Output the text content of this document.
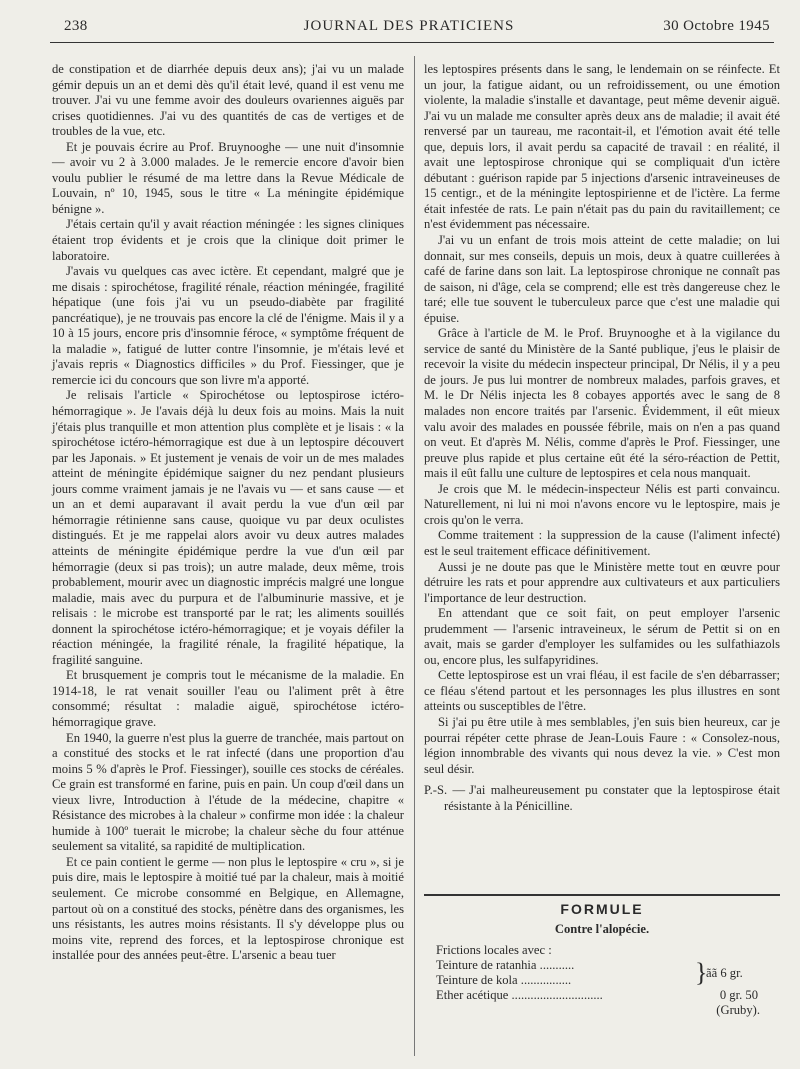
238	JOURNAL DES PRATICIENS	30 Octobre 1945

de constipation et de diarrhée depuis deux ans); j'ai vu un malade gémir depuis un an et demi dès qu'il était levé, quand il est venu me trouver. J'ai vu une femme avoir des douleurs ovariennes aiguës par crises quotidiennes. J'ai vu des quantités de cas de vertiges et de troubles de la vue, etc.

Et je pouvais écrire au Prof. Bruynooghe — une nuit d'insomnie — avoir vu 2 à 3.000 malades. Je le remercie encore d'avoir bien voulu publier le résumé de ma lettre dans la Revue Médicale de Louvain, nº 10, 1945, sous le titre « La méningite épidémique bénigne ».

J'étais certain qu'il y avait réaction méningée : les signes cliniques étaient trop évidents et je crois que la clinique doit primer le laboratoire.

J'avais vu quelques cas avec ictère. Et cependant, malgré que je me disais : spirochétose, fragilité rénale, réaction méningée, fragilité hépatique (une fois j'ai vu un pseudo-diabète par fragilité pancréatique), je ne trouvais pas encore la clé de l'énigme. Mais il y a 10 à 15 jours, encore pris d'insomnie féroce, « symptôme fréquent de la maladie », fatigué de lutter contre l'insomnie, je m'étais levé et j'avais repris « Diagnostics difficiles » du Prof. Fiessinger, que je remercie ici du concours que son livre m'a apporté.

Je relisais l'article « Spirochétose ou leptospirose ictéro-hémorragique ». Je l'avais déjà lu deux fois au moins. Mais la nuit j'étais plus tranquille et mon attention plus complète et je lisais : « la spirochétose ictéro-hémorragique est due à un leptospire découvert par les Japonais. » Et justement je venais de voir un de mes malades atteint de méningite épidémique saigner du nez pendant plusieurs jours comme vraiment jamais je ne l'avais vu — et sans cause — et un an et demi auparavant il avait perdu la vue d'un œil par hémorragie rétinienne sans cause, quoique vu par deux oculistes distingués. Et je me rappelai alors avoir vu deux autres malades atteints de méningite épidémique perdre la vue d'un œil par hémorragie (deux si pas trois); un autre malade, deux même, trois probablement, mourir avec un diagnostic imprécis malgré une longue maladie, mais avec du purpura et de l'albuminurie massive, et je relisais : le microbe est transporté par le rat; les aliments souillés donnent la spirochétose ictéro-hémorragique; et je voyais défiler la réaction méningée, la fragilité rénale, la fragilité hépatique, la fragilité sanguine.

Et brusquement je compris tout le mécanisme de la maladie. En 1914-18, le rat venait souiller l'eau ou l'aliment prêt à être consommé; résultat : maladie aiguë, spirochétose ictéro-hémorragique grave.

En 1940, la guerre n'est plus la guerre de tranchée, mais partout on a constitué des stocks et le rat infecté (dans une proportion d'au moins 5 % d'après le Prof. Fiessinger), souille ces stocks de céréales. Ce grain est transformé en farine, puis en pain. Un coup d'œil dans un vieux livre, Introduction à l'étude de la médecine, chapitre « Résistance des microbes à la chaleur » confirme mon idée : la chaleur humide à 100º tuerait le microbe; la chaleur sèche du four atténue seulement sa vitalité, sa rapidité de multiplication.

Et ce pain contient le germe — non plus le leptospire « cru », si je puis dire, mais le leptospire à moitié tué par la chaleur, mais à moitié seulement. Ce microbe consommé en Belgique, en Allemagne, partout où on a constitué des stocks, pénètre dans des organismes, les uns résistants, les autres moins résistants. Il s'y développe plus ou moins vite, reprend des forces, et la leptospirose chronique est installée pour des années peut-être. L'arsenic a beau tuer

les leptospires présents dans le sang, le lendemain on se réinfecte. Et un jour, la fatigue aidant, ou un refroidissement, ou une émotion violente, la maladie s'installe et davantage, peut même devenir aiguë. J'ai vu un malade me consulter après deux ans de maladie; il avait été renversé par un taureau, me racontait-il, et l'émotion avait été telle que, depuis lors, il avait perdu sa capacité de travail : en réalité, il avait une leptospirose chronique qui se compliquait d'un ictère débutant : guérison rapide par 5 injections d'arsenic intraveineuses de 15 centigr., et de la méningite leptospirienne et de l'ictère. La ferme était infestée de rats. Le pain n'était pas du pain du ravitaillement; ce n'est évidemment pas nécessaire.

J'ai vu un enfant de trois mois atteint de cette maladie; on lui donnait, sur mes conseils, depuis un mois, deux à quatre cuillerées à café de farine dans son lait. La leptospirose chronique ne connaît pas de saison, ni d'âge, cela se comprend; elle est très dangereuse chez le taré; elle tue souvent le tuberculeux parce que c'est une maladie qui épuise.

Grâce à l'article de M. le Prof. Bruynooghe et à la vigilance du service de santé du Ministère de la Santé publique, j'eus le plaisir de recevoir la visite du médecin inspecteur principal, Dr Nélis, il y a peu de jours. Je pus lui montrer de nombreux malades, parfois graves, et M. le Dr Nélis injecta les 8 cobayes apportés avec le sang de 8 malades non encore traités par l'arsenic. Évidemment, il eût mieux valu avoir des malades en poussée fébrile, mais on n'en a pas quand on veut. Et d'après M. Nélis, comme d'après le Prof. Fiessinger, une preuve plus rapide et plus certaine eût été la séro-réaction de Pettit, mais il eût fallu une culture de leptospires et cela nous manquait.

Je crois que M. le médecin-inspecteur Nélis est parti convaincu. Naturellement, ni lui ni moi n'avons encore vu le leptospire, mais je crois qu'on le verra.

Comme traitement : la suppression de la cause (l'aliment infecté) est le seul traitement efficace définitivement.

Aussi je ne doute pas que le Ministère mette tout en œuvre pour détruire les rats et pour apprendre aux cultivateurs et aux particuliers l'importance de leur destruction.

En attendant que ce soit fait, on peut employer l'arsenic prudemment — l'arsenic intraveineux, le sérum de Pettit si on en avait, mais se garder d'employer les sulfamides ou les sulfathiazols ou, encore plus, les sulfapyridines.

Cette leptospirose est un vrai fléau, il est facile de s'en débarrasser; ce fléau s'étend partout et les personnages les plus illustres en sont atteints ou susceptibles de l'être.

Si j'ai pu être utile à mes semblables, j'en suis bien heureux, car je pourrai répéter cette phrase de Jean-Louis Faure : « Consolez-nous, légion innombrable des vivants qui nous devez la vie. » C'est mon seul désir.

P.-S. — J'ai malheureusement pu constater que la leptospirose était résistante à la Pénicilline.

FORMULE
Contre l'alopécie.
Frictions locales avec :
Teinture de ratanhia ...........
Teinture de kola ................	}
ãã 6 gr.
Ether acétique .............................	0 gr. 50
(Gruby).
